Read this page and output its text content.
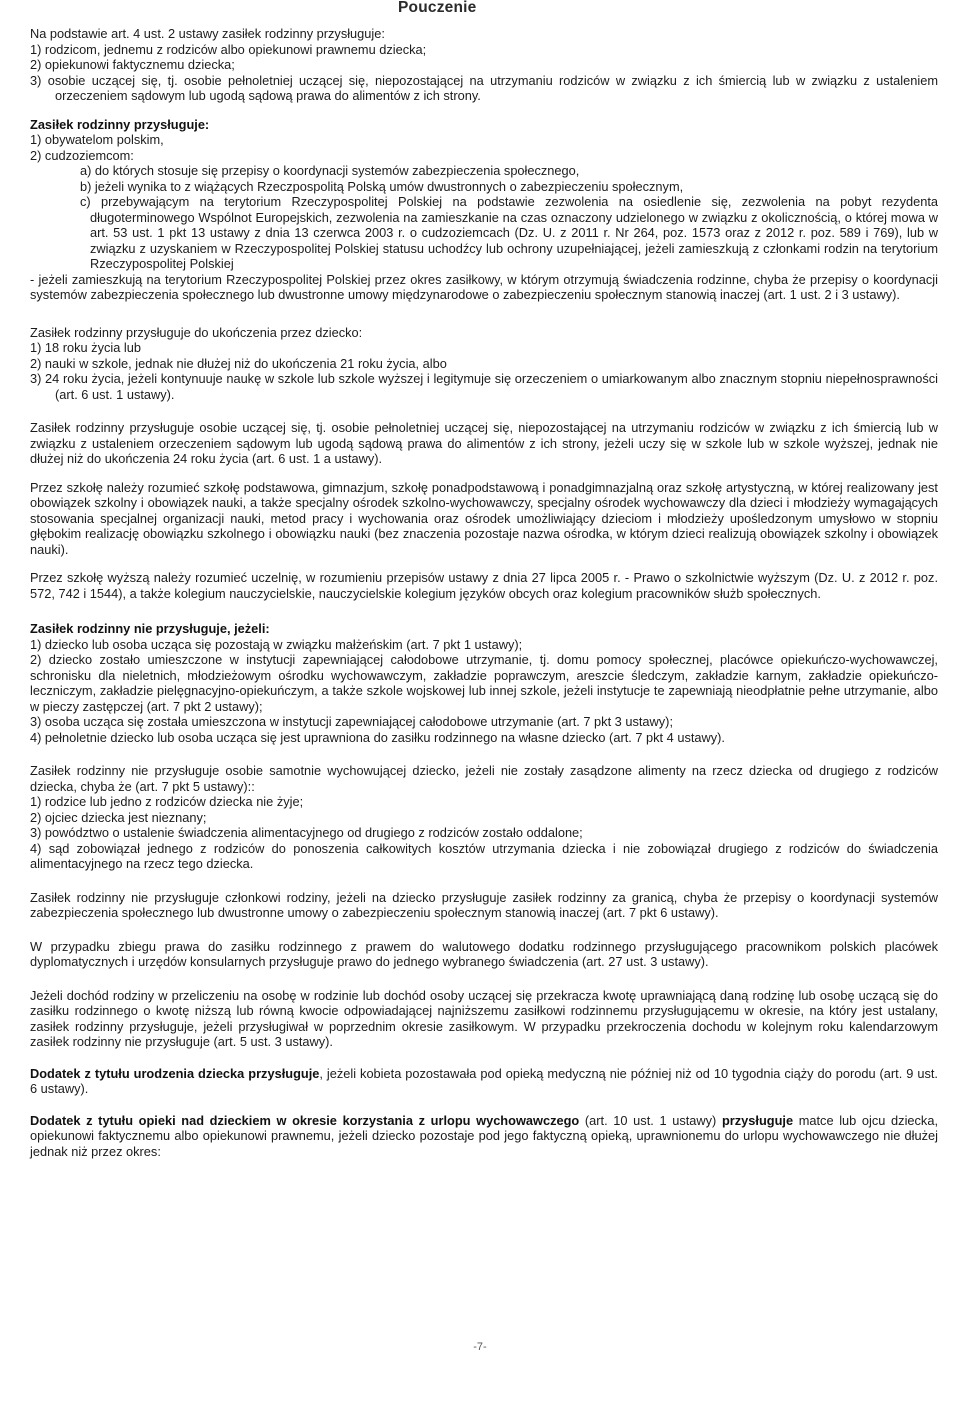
Pouczenie

Na podstawie art. 4 ust. 2 ustawy zasiłek rodzinny przysługuje:

1) rodzicom, jednemu z rodziców albo opiekunowi prawnemu dziecka;

2) opiekunowi faktycznemu dziecka;

3) osobie uczącej się, tj. osobie pełnoletniej uczącej się, niepozostającej na utrzymaniu rodziców w związku z ich śmiercią lub w związku z ustaleniem orzeczeniem sądowym lub ugodą sądową prawa do alimentów z ich strony.

Zasiłek rodzinny przysługuje:

1) obywatelom polskim,

2) cudzoziemcom:

a) do których stosuje się przepisy o koordynacji systemów zabezpieczenia społecznego,

b) jeżeli wynika to z wiążących Rzeczpospolitą Polską umów dwustronnych o zabezpieczeniu społecznym,

c) przebywającym na terytorium Rzeczypospolitej Polskiej na podstawie zezwolenia na osiedlenie się, zezwolenia na pobyt rezydenta długoterminowego Wspólnot Europejskich, zezwolenia na zamieszkanie na czas oznaczony udzielonego w związku z okolicznością, o której mowa w art. 53 ust. 1 pkt 13 ustawy z dnia 13 czerwca 2003 r. o cudzoziemcach (Dz. U. z 2011 r. Nr 264, poz. 1573 oraz z 2012 r. poz. 589 i 769), lub w związku z uzyskaniem w Rzeczypospolitej Polskiej statusu uchodźcy lub ochrony uzupełniającej, jeżeli zamieszkują z członkami rodzin na terytorium Rzeczypospolitej Polskiej

- jeżeli zamieszkują na terytorium Rzeczypospolitej Polskiej przez okres zasiłkowy, w którym otrzymują świadczenia rodzinne, chyba że przepisy o koordynacji systemów zabezpieczenia społecznego lub dwustronne umowy międzynarodowe o zabezpieczeniu społecznym stanowią inaczej (art. 1 ust. 2 i 3 ustawy).

Zasiłek rodzinny przysługuje do ukończenia przez dziecko:

1) 18 roku życia lub

2) nauki w szkole, jednak nie dłużej niż do ukończenia 21 roku życia, albo

3) 24 roku życia, jeżeli kontynuuje naukę w szkole lub szkole wyższej i legitymuje się orzeczeniem o umiarkowanym albo znacznym stopniu niepełnosprawności (art. 6 ust. 1 ustawy).

Zasiłek rodzinny przysługuje osobie uczącej się, tj. osobie pełnoletniej uczącej się, niepozostającej na utrzymaniu rodziców w związku z ich śmiercią lub w związku z ustaleniem orzeczeniem sądowym lub ugodą sądową prawa do alimentów z ich strony, jeżeli uczy się w szkole lub w szkole wyższej, jednak nie dłużej niż do ukończenia 24 roku życia (art. 6 ust. 1 a ustawy).

Przez szkołę należy rozumieć szkołę podstawowa, gimnazjum, szkołę ponadpodstawową i ponadgimnazjalną oraz szkołę artystyczną, w której realizowany jest obowiązek szkolny i obowiązek nauki, a także specjalny ośrodek szkolno-wychowawczy, specjalny ośrodek wychowawczy dla dzieci i młodzieży wymagających stosowania specjalnej organizacji nauki, metod pracy i wychowania oraz ośrodek umożliwiający dzieciom i młodzieży upośledzonym umysłowo w stopniu głębokim realizację obowiązku szkolnego i obowiązku nauki (bez znaczenia pozostaje nazwa ośrodka, w którym dzieci realizują obowiązek szkolny i obowiązek nauki).

Przez szkołę wyższą należy rozumieć uczelnię, w rozumieniu przepisów ustawy z dnia 27 lipca 2005 r. - Prawo o szkolnictwie wyższym (Dz. U. z 2012 r. poz. 572, 742 i 1544), a także kolegium nauczycielskie, nauczycielskie kolegium języków obcych oraz kolegium pracowników służb społecznych.

Zasiłek rodzinny nie przysługuje, jeżeli:

1) dziecko lub osoba ucząca się pozostają w związku małżeńskim (art. 7 pkt 1 ustawy);

2) dziecko zostało umieszczone w instytucji zapewniającej całodobowe utrzymanie, tj. domu pomocy społecznej, placówce opiekuńczo-wychowawczej, schronisku dla nieletnich, młodzieżowym ośrodku wychowawczym, zakładzie poprawczym, areszcie śledczym, zakładzie karnym, zakładzie opiekuńczo-leczniczym, zakładzie pielęgnacyjno-opiekuńczym, a także szkole wojskowej lub innej szkole, jeżeli instytucje te zapewniają nieodpłatnie pełne utrzymanie, albo w pieczy zastępczej (art. 7 pkt 2 ustawy);

3) osoba ucząca się została umieszczona w instytucji zapewniającej całodobowe utrzymanie (art. 7 pkt 3 ustawy);

4) pełnoletnie dziecko lub osoba ucząca się jest uprawniona do zasiłku rodzinnego na własne dziecko (art. 7 pkt 4 ustawy).

Zasiłek rodzinny nie przysługuje osobie samotnie wychowującej dziecko, jeżeli nie zostały zasądzone alimenty na rzecz dziecka od drugiego z rodziców dziecka, chyba że (art. 7 pkt 5 ustawy)::

1) rodzice lub jedno z rodziców dziecka nie żyje;

2) ojciec dziecka jest nieznany;

3) powództwo o ustalenie świadczenia alimentacyjnego od drugiego z rodziców zostało oddalone;

4) sąd zobowiązał jednego z rodziców do ponoszenia całkowitych kosztów utrzymania dziecka i nie zobowiązał drugiego z rodziców do świadczenia alimentacyjnego na rzecz tego dziecka.

Zasiłek rodzinny nie przysługuje członkowi rodziny, jeżeli na dziecko przysługuje zasiłek rodzinny za granicą, chyba że przepisy o koordynacji systemów zabezpieczenia społecznego lub dwustronne umowy o zabezpieczeniu społecznym stanowią inaczej (art. 7 pkt 6 ustawy).

W przypadku zbiegu prawa do zasiłku rodzinnego z prawem do walutowego dodatku rodzinnego przysługującego pracownikom polskich placówek dyplomatycznych i urzędów konsularnych przysługuje prawo do jednego wybranego świadczenia (art. 27 ust. 3 ustawy).

Jeżeli dochód rodziny w przeliczeniu na osobę w rodzinie lub dochód osoby uczącej się przekracza kwotę uprawniającą daną rodzinę lub osobę uczącą się do zasiłku rodzinnego o kwotę niższą lub równą kwocie odpowiadającej najniższemu zasiłkowi rodzinnemu przysługującemu w okresie, na który jest ustalany, zasiłek rodzinny przysługuje, jeżeli przysługiwał w poprzednim okresie zasiłkowym. W przypadku przekroczenia dochodu w kolejnym roku kalendarzowym zasiłek rodzinny nie przysługuje (art. 5 ust. 3 ustawy).

Dodatek z tytułu urodzenia dziecka przysługuje, jeżeli kobieta pozostawała pod opieką medyczną nie później niż od 10 tygodnia ciąży do porodu (art. 9 ust. 6 ustawy).

Dodatek z tytułu opieki nad dzieckiem w okresie korzystania z urlopu wychowawczego (art. 10 ust. 1 ustawy) przysługuje matce lub ojcu dziecka, opiekunowi faktycznemu albo opiekunowi prawnemu, jeżeli dziecko pozostaje pod jego faktyczną opieką, uprawnionemu do urlopu wychowawczego nie dłużej jednak niż przez okres:

-7-
